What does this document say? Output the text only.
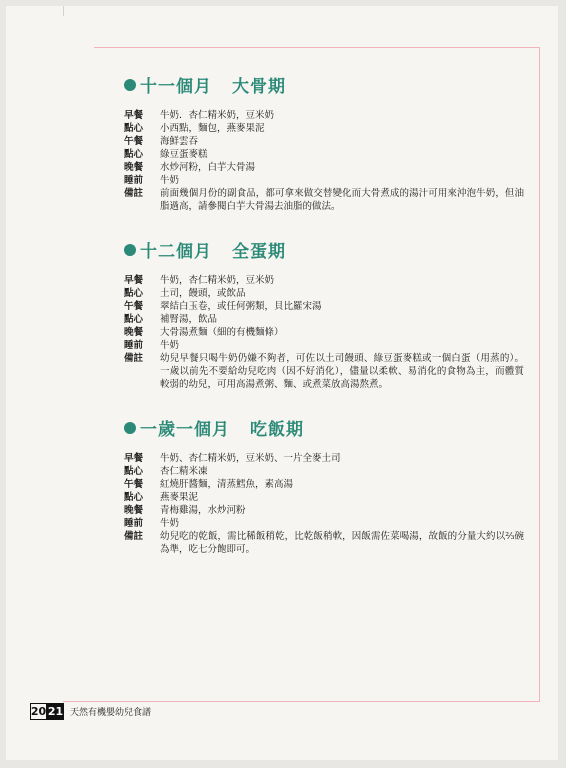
十一個月 大骨期
早餐	牛奶．杏仁精米奶，豆米奶
點心	小西點，麵包，燕麥果泥
午餐	海鮮雲吞
點心	綠豆蛋麥糕
晚餐	水炒河粉，白芋大骨湯
睡前	牛奶
備註	前面幾個月份的副食品，都可拿來做交替變化而大骨煮成的湯汁可用來沖泡牛奶，但油脂過高，請參閱白芋大骨湯去油脂的做法。
十二個月 全蛋期
早餐	牛奶，杏仁精米奶，豆米奶
點心	土司，饅頭，或飲品
午餐	翠結白玉卷，或任何粥類，貝比羅宋湯
點心	補腎湯，飲品
晚餐	大骨湯煮麵（細的有機麵條）
睡前	牛奶
備註	幼兒早餐只喝牛奶仍嫌不夠者，可佐以土司饅頭、綠豆蛋麥糕或一個白蛋（用蒸的）。一歲以前先不要給幼兒吃肉（因不好消化），儘量以柔軟、易消化的食物為主，而體質較弱的幼兒，可用高湯煮粥、麵、或煮菜放高湯熬煮。
一歲一個月 吃飯期
早餐	牛奶、杏仁精米奶，豆米奶、一片全麥土司
點心	杏仁精米凍
午餐	紅燒肝醬麵，清蒸鱈魚，素高湯
點心	燕麥果泥
晚餐	青梅雞湯，水炒河粉
睡前	牛奶
備註	幼兒吃的乾飯，需比稀飯稍乾，比乾飯稍軟，因飯需佐菜喝湯，故飯的分量大約以⅔碗為準，吃七分飽即可。
20 21 天然有機嬰幼兒食譜
